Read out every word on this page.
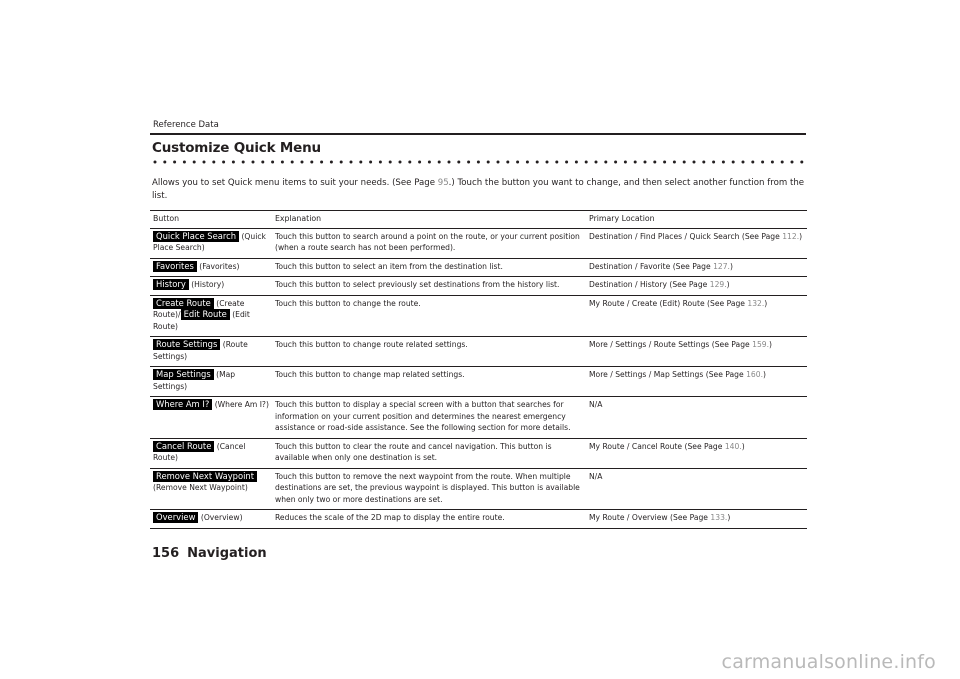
Reference Data
Customize Quick Menu
Allows you to set Quick menu items to suit your needs. (See Page 95.) Touch the button you want to change, and then select another function from the list.
Button	Explanation	Primary Location
Quick Place Search (Quick Place Search)	Touch this button to search around a point on the route, or your current position (when a route search has not been performed).	Destination / Find Places / Quick Search (See Page 112.)
Favorites (Favorites)	Touch this button to select an item from the destination list.	Destination / Favorite (See Page 127.)
History (History)	Touch this button to select previously set destinations from the history list.	Destination / History (See Page 129.)
Create Route (Create Route)/ Edit Route (Edit Route)	Touch this button to change the route.	My Route / Create (Edit) Route (See Page 132.)
Route Settings (Route Settings)	Touch this button to change route related settings.	More / Settings / Route Settings (See Page 159.)
Map Settings (Map Settings)	Touch this button to change map related settings.	More / Settings / Map Settings (See Page 160.)
Where Am I? (Where Am I?)	Touch this button to display a special screen with a button that searches for information on your current position and determines the nearest emergency assistance or road-side assistance. See the following section for more details.	N/A
Cancel Route (Cancel Route)	Touch this button to clear the route and cancel navigation. This button is available when only one destination is set.	My Route / Cancel Route (See Page 140.)
Remove Next Waypoint (Remove Next Waypoint)	Touch this button to remove the next waypoint from the route. When multiple destinations are set, the previous waypoint is displayed. This button is available when only two or more destinations are set.	N/A
Overview (Overview)	Reduces the scale of the 2D map to display the entire route.	My Route / Overview (See Page 133.)
156 Navigation
carmanualsonline.info
